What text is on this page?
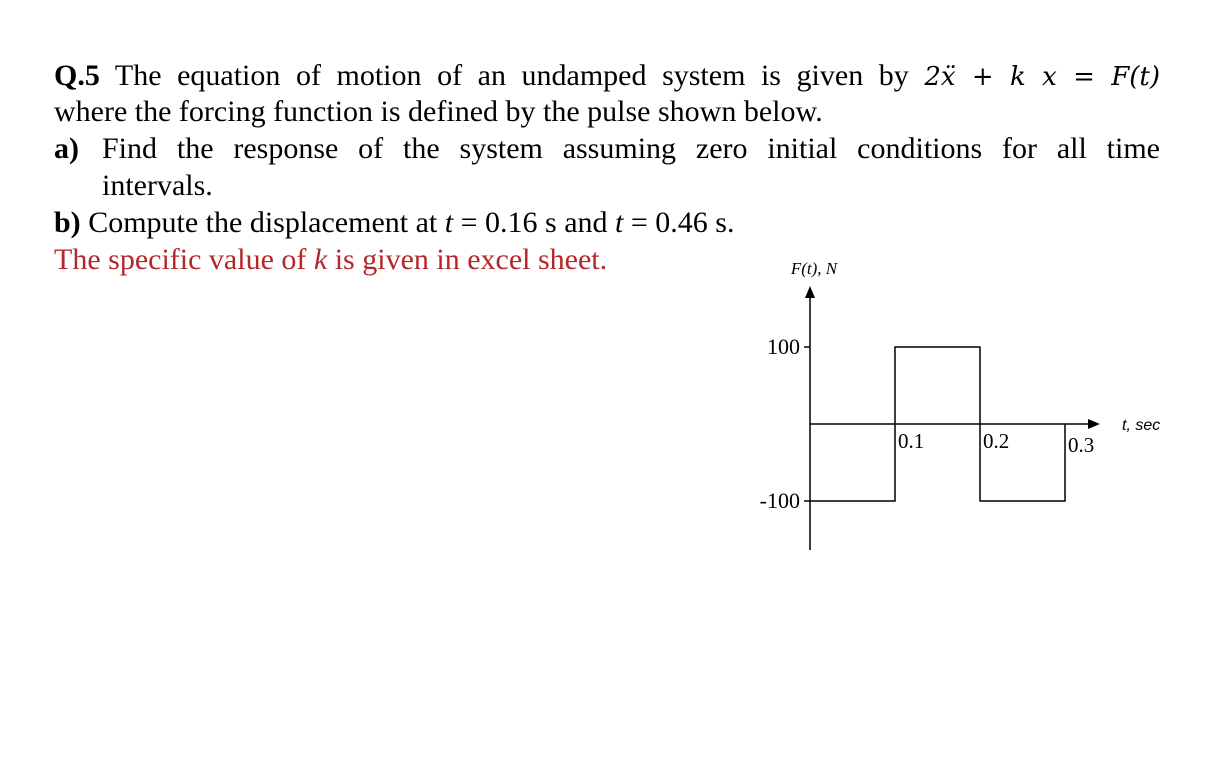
Q.5 The equation of motion of an undamped system is given by 2ẍ + k x = F(t)
where the forcing function is defined by the pulse shown below.
a) Find the response of the system assuming zero initial conditions for all time
intervals.
b) Compute the displacement at t = 0.16 s and t = 0.46 s.
The specific value of k is given in excel sheet.
100
-100
0.1	0.2	0.3
F(t), N
t, sec
